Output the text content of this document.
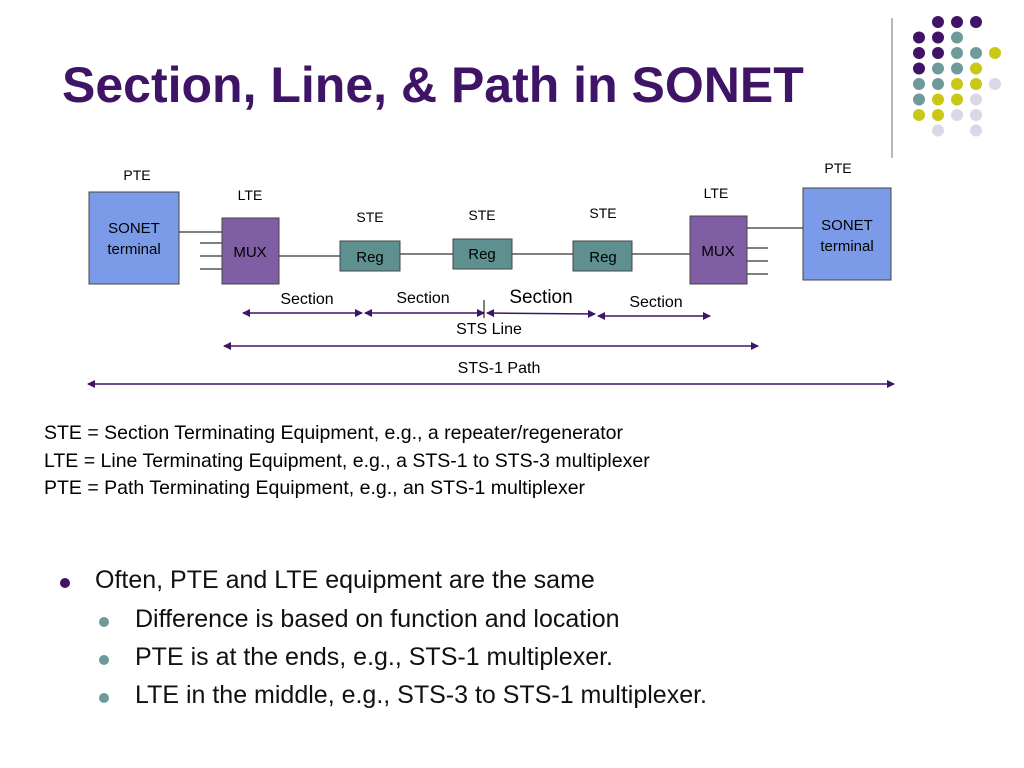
Section, Line, & Path in SONET
SONET
terminal
PTE
MUX
LTE
Reg
STE
Reg
STE
Reg
STE
MUX
LTE
SONET
terminal
PTE
Section	Section	Section	Section
STS Line
STS-1 Path
STE = Section Terminating Equipment, e.g., a repeater/regenerator
LTE = Line Terminating Equipment, e.g., a STS-1 to STS-3 multiplexer
PTE = Path Terminating Equipment, e.g., an STS-1 multiplexer
Often, PTE and LTE equipment are the same
Difference is based on function and location
PTE is at the ends, e.g., STS-1 multiplexer.
LTE in the middle, e.g., STS-3 to STS-1 multiplexer.
